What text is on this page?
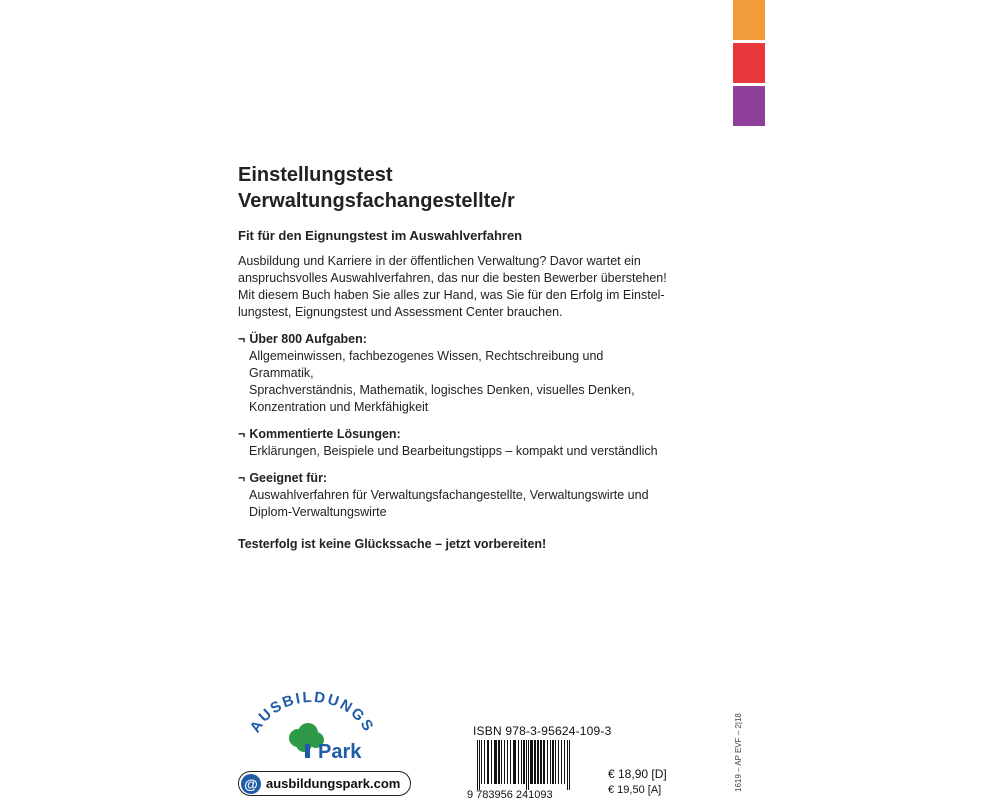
Einstellungstest
Verwaltungsfachangestellte/r
Fit für den Eignungstest im Auswahlverfahren
Ausbildung und Karriere in der öffentlichen Verwaltung? Davor wartet ein
anspruchsvolles Auswahlverfahren, das nur die besten Bewerber überstehen!
Mit diesem Buch haben Sie alles zur Hand, was Sie für den Erfolg im Einstel-
lungstest, Eignungstest und Assessment Center brauchen.
¬ Über 800 Aufgaben:
Allgemeinwissen, fachbezogenes Wissen, Rechtschreibung und Grammatik,
Sprachverständnis, Mathematik, logisches Denken, visuelles Denken,
Konzentration und Merkfähigkeit
¬ Kommentierte Lösungen:
Erklärungen, Beispiele und Bearbeitungstipps – kompakt und verständlich
¬ Geeignet für:
Auswahlverfahren für Verwaltungsfachangestellte, Verwaltungswirte und
Diplom-Verwaltungswirte
Testerfolg ist keine Glückssache – jetzt vorbereiten!
AUSBILDUNGS
Park
@ ausbildungspark.com
ISBN 978-3-95624-109-3
9 783956 241093
€ 18,90 [D]
€ 19,50 [A]	1619 – AP EVF – 2|18
